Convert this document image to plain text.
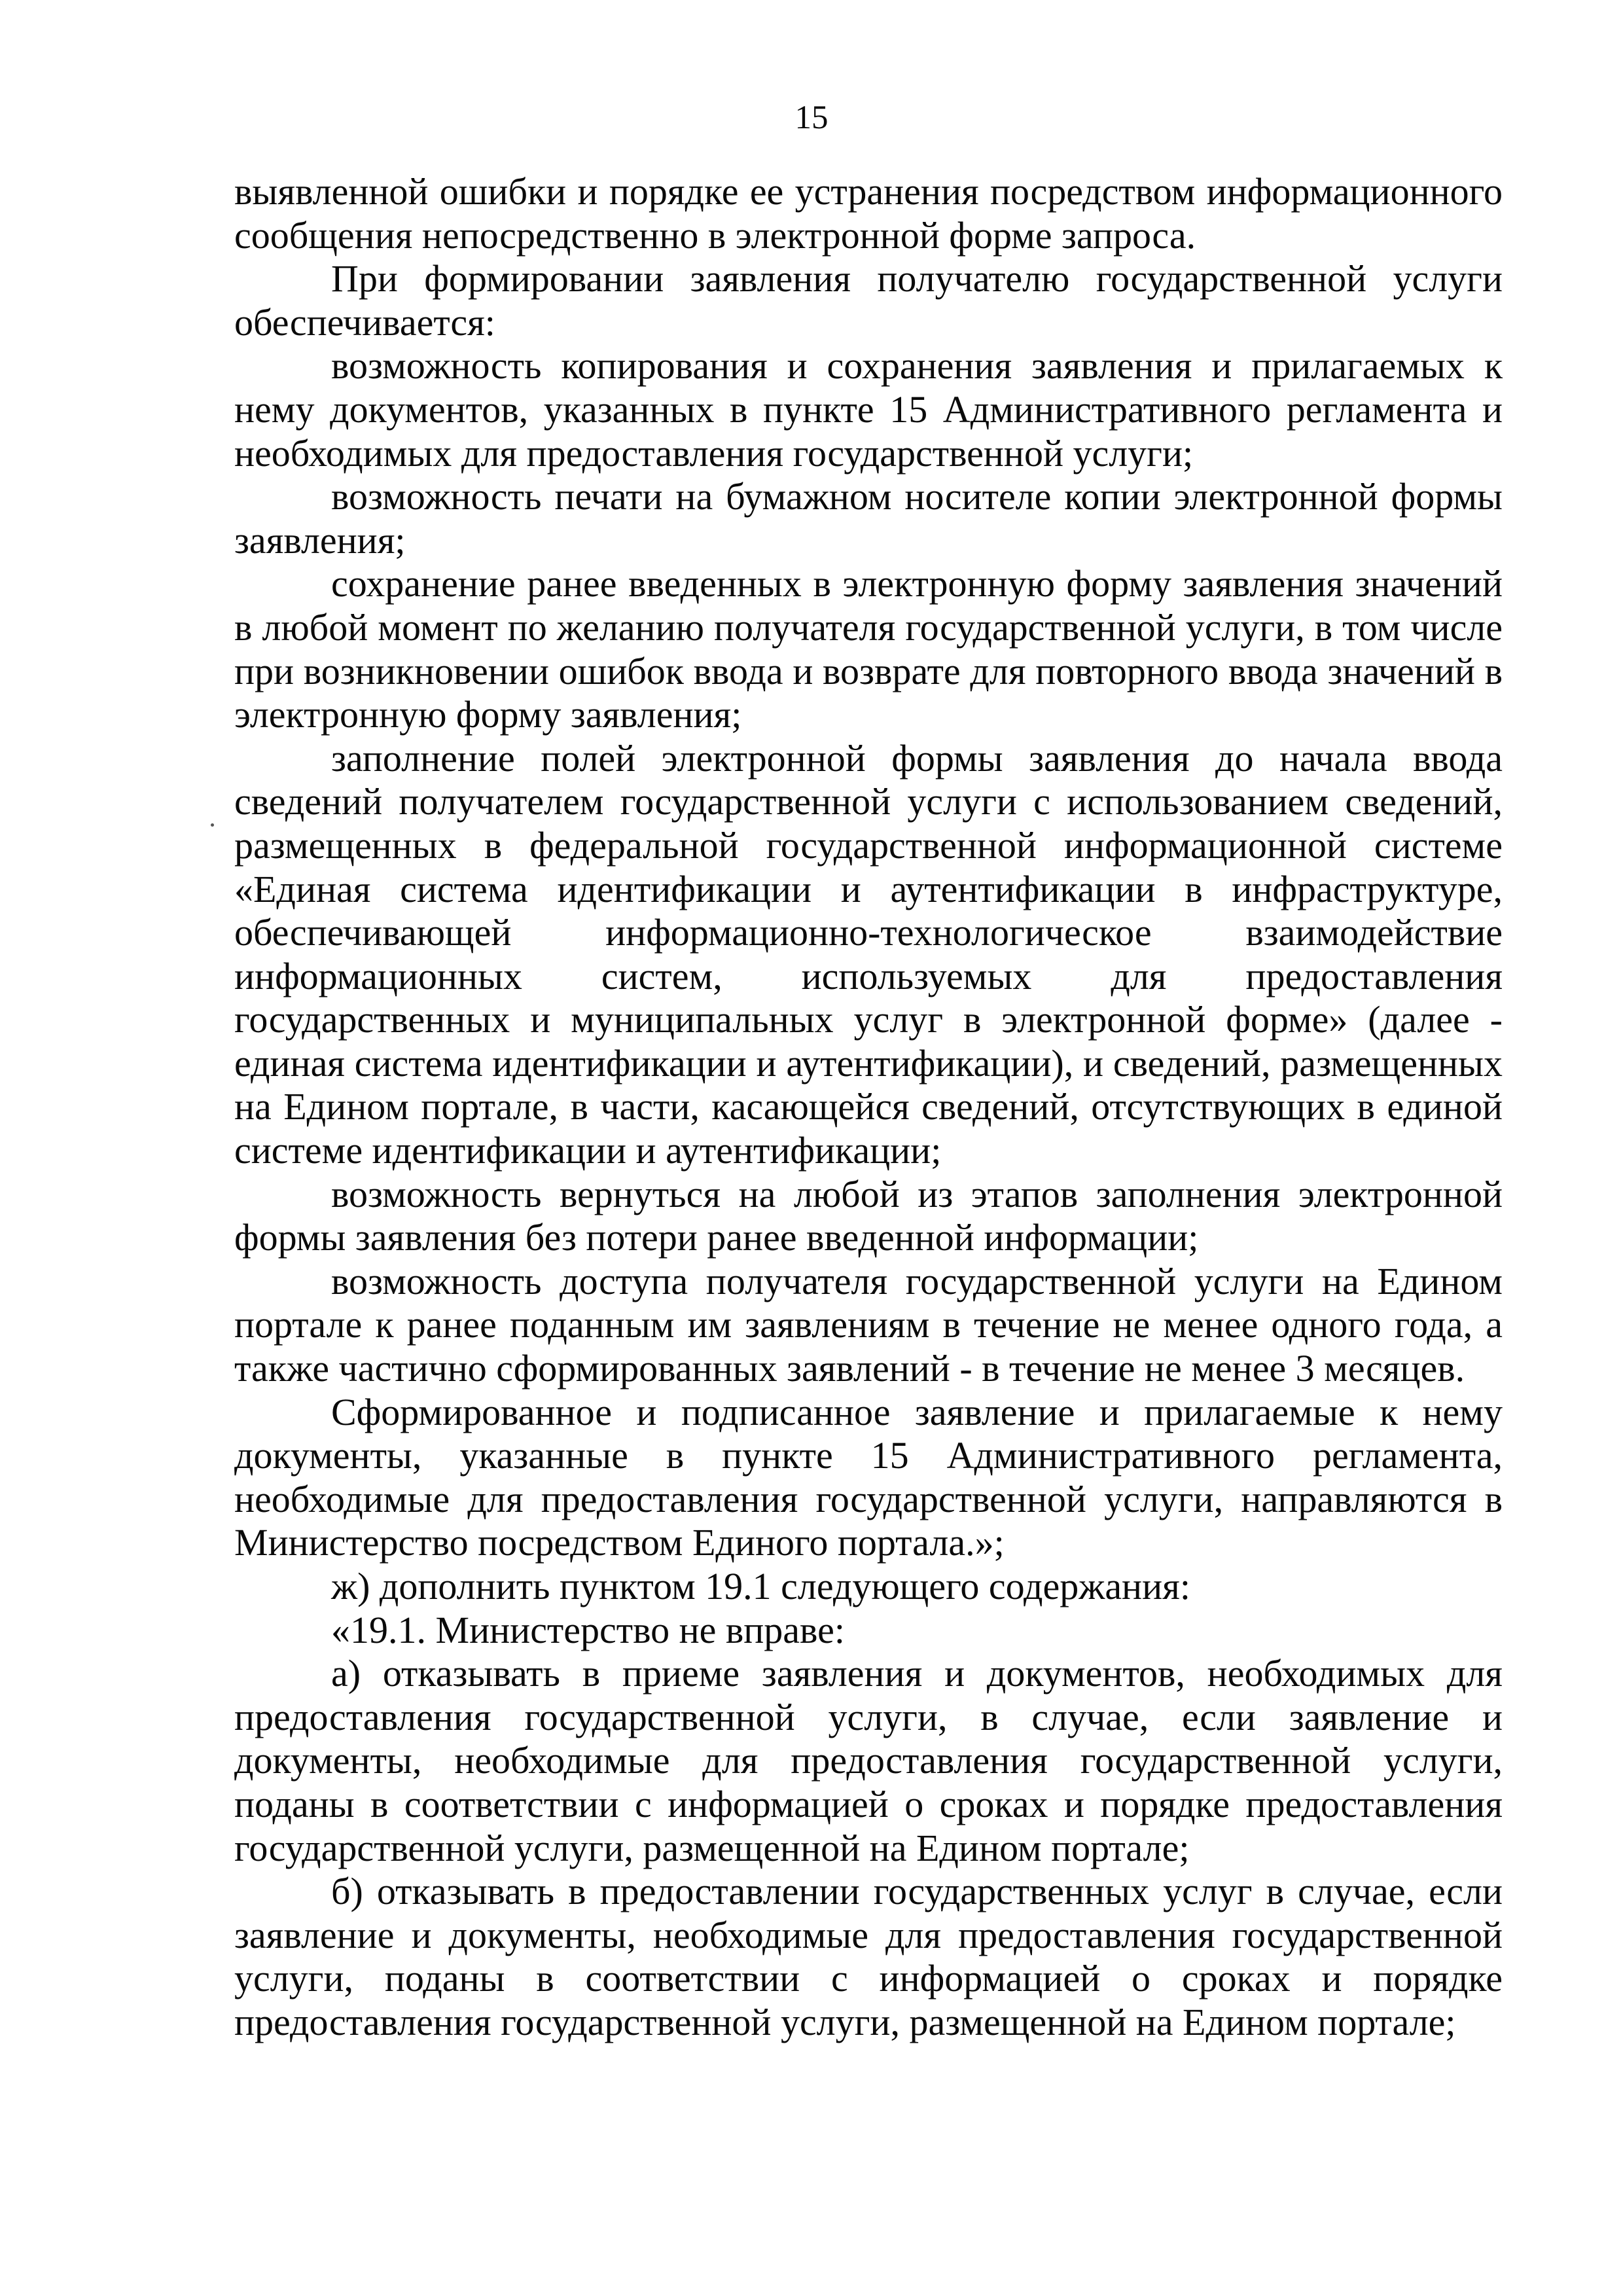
15

выявленной ошибки и порядке ее устранения посредством информационного сообщения непосредственно в электронной форме запроса.

При формировании заявления получателю государственной услуги обеспечивается:

возможность копирования и сохранения заявления и прилагаемых к нему документов, указанных в пункте 15 Административного регламента и необходимых для предоставления государственной услуги;

возможность печати на бумажном носителе копии электронной формы заявления;

сохранение ранее введенных в электронную форму заявления значений в любой момент по желанию получателя государственной услуги, в том числе при возникновении ошибок ввода и возврате для повторного ввода значений в электронную форму заявления;

заполнение полей электронной формы заявления до начала ввода сведений получателем государственной услуги с использованием сведений, размещенных в федеральной государственной информационной системе «Единая система идентификации и аутентификации в инфраструктуре, обеспечивающей информационно-технологическое взаимодействие информационных систем, используемых для предоставления государственных и муниципальных услуг в электронной форме» (далее - единая система идентификации и аутентификации), и сведений, размещенных на Едином портале, в части, касающейся сведений, отсутствующих в единой системе идентификации и аутентификации;

возможность вернуться на любой из этапов заполнения электронной формы заявления без потери ранее введенной информации;

возможность доступа получателя государственной услуги на Едином портале к ранее поданным им заявлениям в течение не менее одного года, а также частично сформированных заявлений - в течение не менее 3 месяцев.

Сформированное и подписанное заявление и прилагаемые к нему документы, указанные в пункте 15 Административного регламента, необходимые для предоставления государственной услуги, направляются в Министерство посредством Единого портала.»;

ж) дополнить пунктом 19.1 следующего содержания:

«19.1. Министерство не вправе:

а) отказывать в приеме заявления и документов, необходимых для предоставления государственной услуги, в случае, если заявление и документы, необходимые для предоставления государственной услуги, поданы в соответствии с информацией о сроках и порядке предоставления государственной услуги, размещенной на Едином портале;

б) отказывать в предоставлении государственных услуг в случае, если заявление и документы, необходимые для предоставления государственной услуги, поданы в соответствии с информацией о сроках и порядке предоставления государственной услуги, размещенной на Едином портале;
